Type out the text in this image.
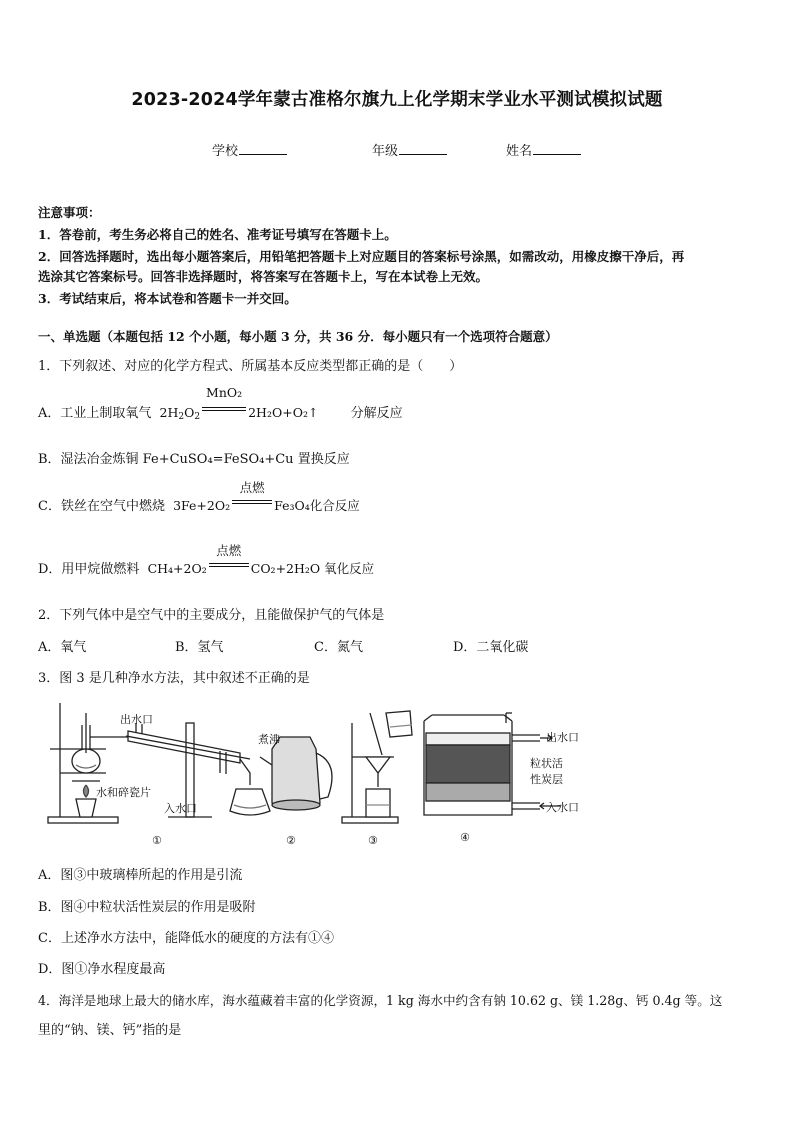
2023-2024学年蒙古准格尔旗九上化学期末学业水平测试模拟试题
学校	年级	姓名
注意事项：
1．答卷前，考生务必将自己的姓名、准考证号填写在答题卡上。
2．回答选择题时，选出每小题答案后，用铅笔把答题卡上对应题目的答案标号涂黑，如需改动，用橡皮擦干净后，再
选涂其它答案标号。回答非选择题时，将答案写在答题卡上，写在本试卷上无效。
3．考试结束后，将本试卷和答题卡一并交回。
一、单选题（本题包括 12 个小题，每小题 3 分，共 36 分．每小题只有一个选项符合题意）
1．下列叙述、对应的化学方程式、所属基本反应类型都正确的是（　　）
A．工业上制取氧气 $2H_2O_2$
MnO₂
2H₂O+O₂↑ 分解反应
B．湿法冶金炼铜 Fe+CuSO₄=FeSO₄+Cu 置换反应
C．铁丝在空气中燃烧 3Fe+2O₂
点燃
Fe₃O₄化合反应
D．用甲烷做燃料 CH₄+2O₂
点燃
CO₂+2H₂O 氧化反应
2．下列气体中是空气中的主要成分，且能做保护气的气体是
A．氧气	B．氢气	C．氮气	D．二氧化碳
3．图 3 是几种净水方法，其中叙述不正确的是
出水口
水和碎瓷片
入水口
煮沸	出水口
粒状活
性炭层
入水口
①	②	③	④
A．图③中玻璃棒所起的作用是引流
B．图④中粒状活性炭层的作用是吸附
C．上述净水方法中，能降低水的硬度的方法有①④
D．图①净水程度最高
4．海洋是地球上最大的储水库，海水蕴藏着丰富的化学资源，1 kg 海水中约含有钠 10.62 g、镁 1.28g、钙 0.4g 等。这
里的“钠、镁、钙”指的是
